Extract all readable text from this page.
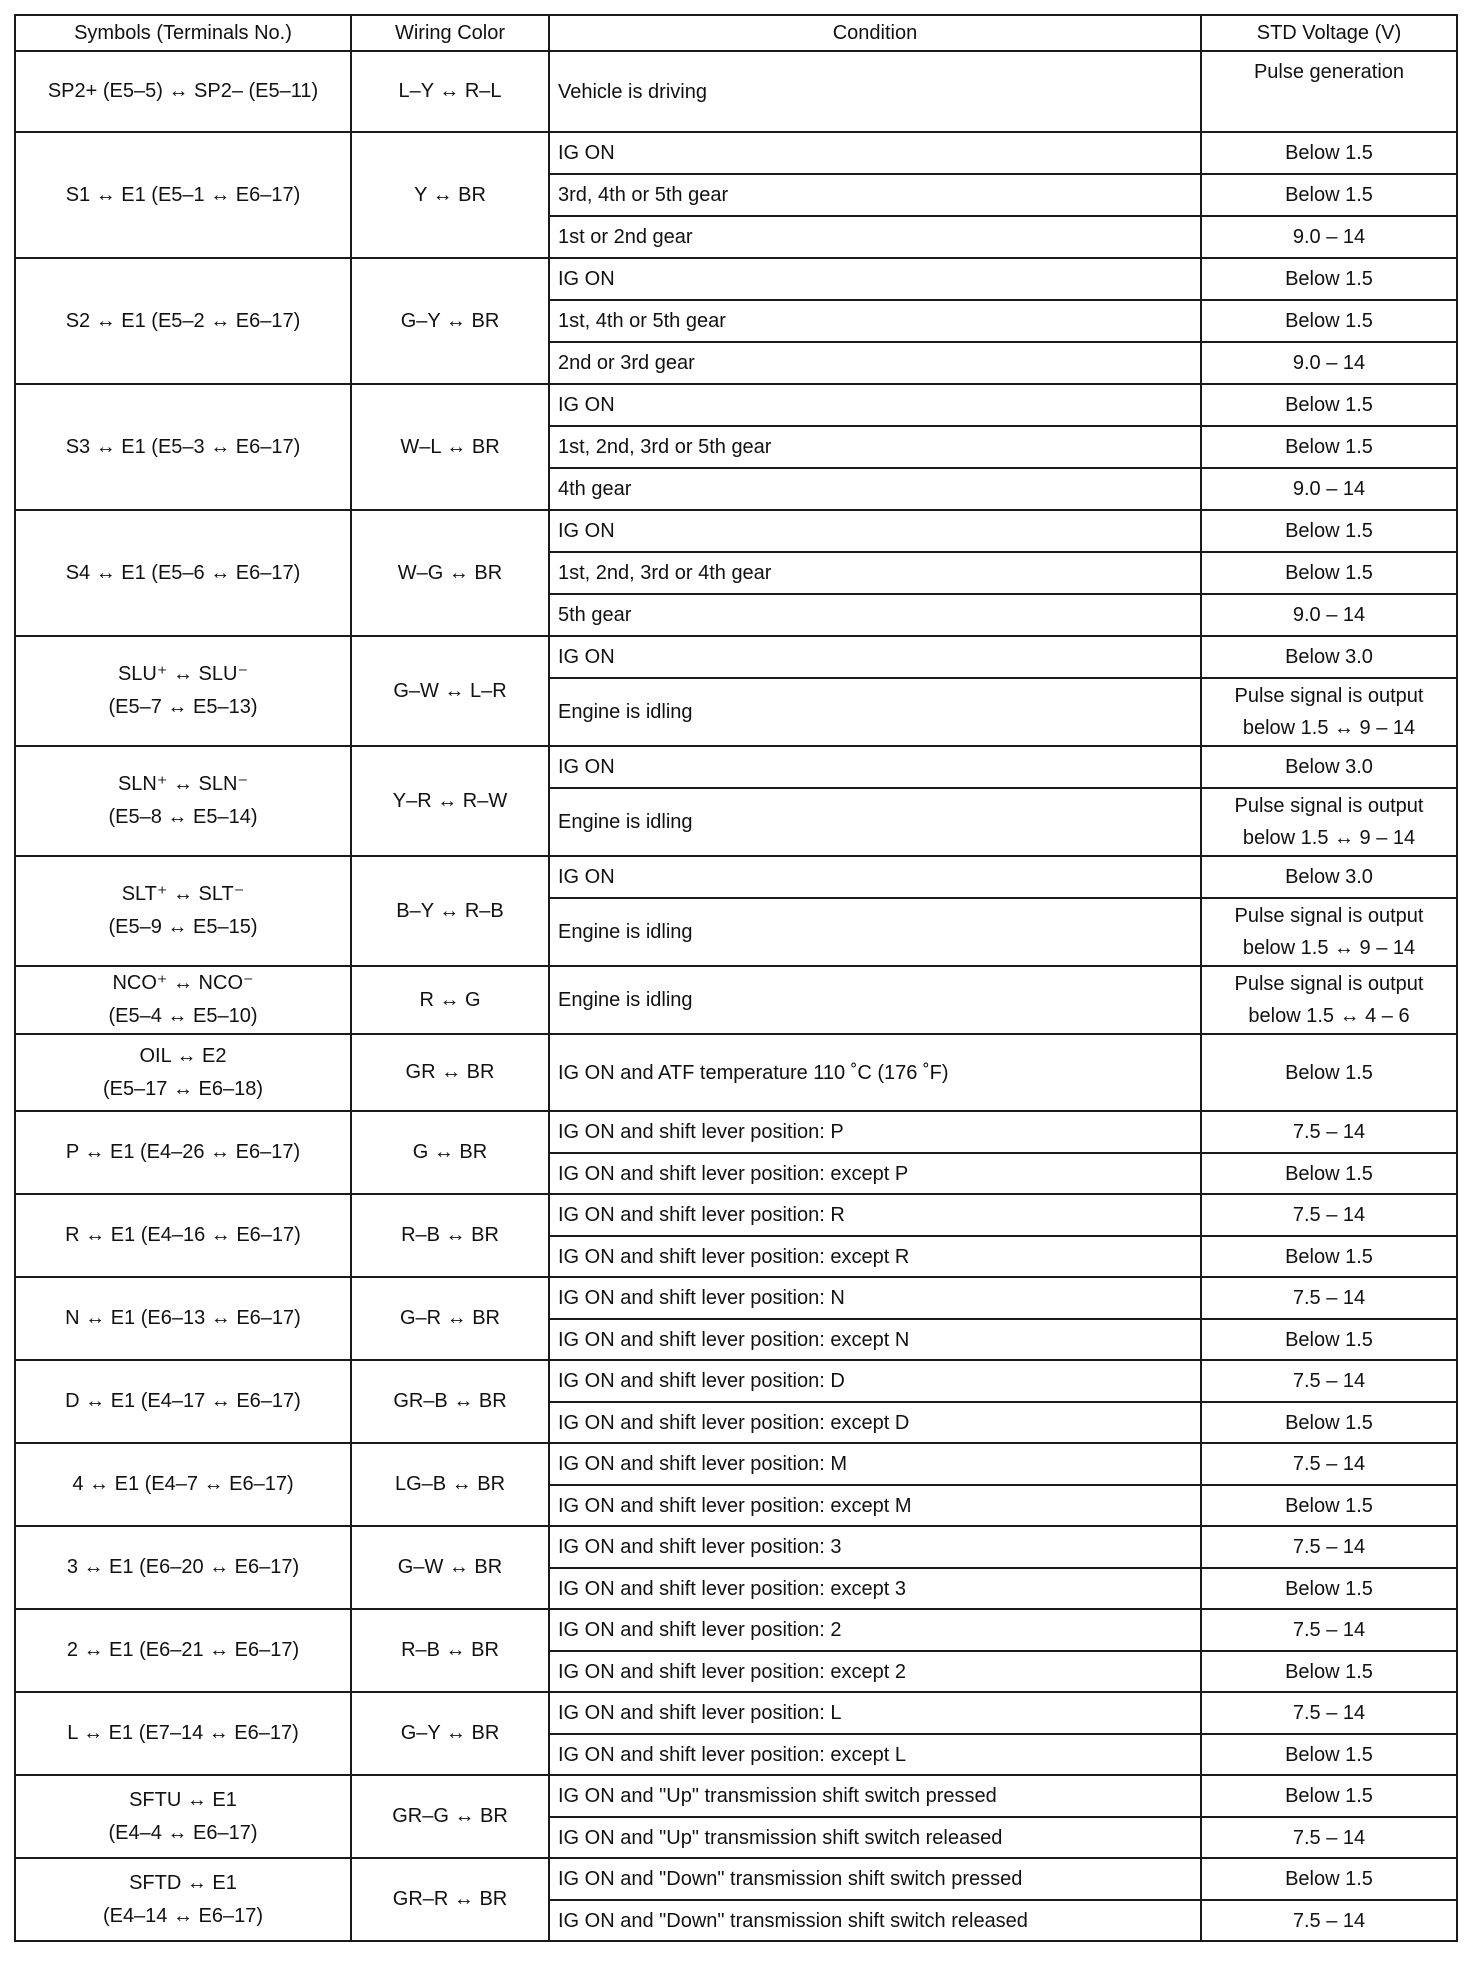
Symbols (Terminals No.)	Wiring Color	Condition	STD Voltage (V)

SP2+ (E5–5) ↔ SP2– (E5–11)	L–Y ↔ R–L	Vehicle is driving	Pulse generation

S1 ↔ E1 (E5–1 ↔ E6–17)	Y ↔ BR	IG ON	Below 1.5

		3rd, 4th or 5th gear	Below 1.5

		1st or 2nd gear	9.0 – 14

S2 ↔ E1 (E5–2 ↔ E6–17)	G–Y ↔ BR	IG ON	Below 1.5

		1st, 4th or 5th gear	Below 1.5

		2nd or 3rd gear	9.0 – 14

S3 ↔ E1 (E5–3 ↔ E6–17)	W–L ↔ BR	IG ON	Below 1.5

		1st, 2nd, 3rd or 5th gear	Below 1.5

		4th gear	9.0 – 14

S4 ↔ E1 (E5–6 ↔ E6–17)	W–G ↔ BR	IG ON	Below 1.5

		1st, 2nd, 3rd or 4th gear	Below 1.5

		5th gear	9.0 – 14

SLU⁺ ↔ SLU⁻
(E5–7 ↔ E5–13)	G–W ↔ L–R	IG ON	Below 3.0

		Engine is idling	Pulse signal is output
below 1.5 ↔ 9 – 14

SLN⁺ ↔ SLN⁻
(E5–8 ↔ E5–14)	Y–R ↔ R–W	IG ON	Below 3.0

		Engine is idling	Pulse signal is output
below 1.5 ↔ 9 – 14

SLT⁺ ↔ SLT⁻
(E5–9 ↔ E5–15)	B–Y ↔ R–B	IG ON	Below 3.0

		Engine is idling	Pulse signal is output
below 1.5 ↔ 9 – 14

NCO⁺ ↔ NCO⁻
(E5–4 ↔ E5–10)	R ↔ G	Engine is idling	Pulse signal is output
below 1.5 ↔ 4 – 6

OIL ↔ E2
(E5–17 ↔ E6–18)	GR ↔ BR	IG ON and ATF temperature 110 ˚C (176 ˚F)	Below 1.5

P ↔ E1 (E4–26 ↔ E6–17)	G ↔ BR	IG ON and shift lever position: P	7.5 – 14

		IG ON and shift lever position: except P	Below 1.5

R ↔ E1 (E4–16 ↔ E6–17)	R–B ↔ BR	IG ON and shift lever position: R	7.5 – 14

		IG ON and shift lever position: except R	Below 1.5

N ↔ E1 (E6–13 ↔ E6–17)	G–R ↔ BR	IG ON and shift lever position: N	7.5 – 14

		IG ON and shift lever position: except N	Below 1.5

D ↔ E1 (E4–17 ↔ E6–17)	GR–B ↔ BR	IG ON and shift lever position: D	7.5 – 14

		IG ON and shift lever position: except D	Below 1.5

4 ↔ E1 (E4–7 ↔ E6–17)	LG–B ↔ BR	IG ON and shift lever position: M	7.5 – 14

		IG ON and shift lever position: except M	Below 1.5

3 ↔ E1 (E6–20 ↔ E6–17)	G–W ↔ BR	IG ON and shift lever position: 3	7.5 – 14

		IG ON and shift lever position: except 3	Below 1.5

2 ↔ E1 (E6–21 ↔ E6–17)	R–B ↔ BR	IG ON and shift lever position: 2	7.5 – 14

		IG ON and shift lever position: except 2	Below 1.5

L ↔ E1 (E7–14 ↔ E6–17)	G–Y ↔ BR	IG ON and shift lever position: L	7.5 – 14

		IG ON and shift lever position: except L	Below 1.5

SFTU ↔ E1
(E4–4 ↔ E6–17)	GR–G ↔ BR	IG ON and "Up" transmission shift switch pressed	Below 1.5

		IG ON and "Up" transmission shift switch released	7.5 – 14

SFTD ↔ E1
(E4–14 ↔ E6–17)	GR–R ↔ BR	IG ON and "Down" transmission shift switch pressed	Below 1.5

		IG ON and "Down" transmission shift switch released	7.5 – 14
